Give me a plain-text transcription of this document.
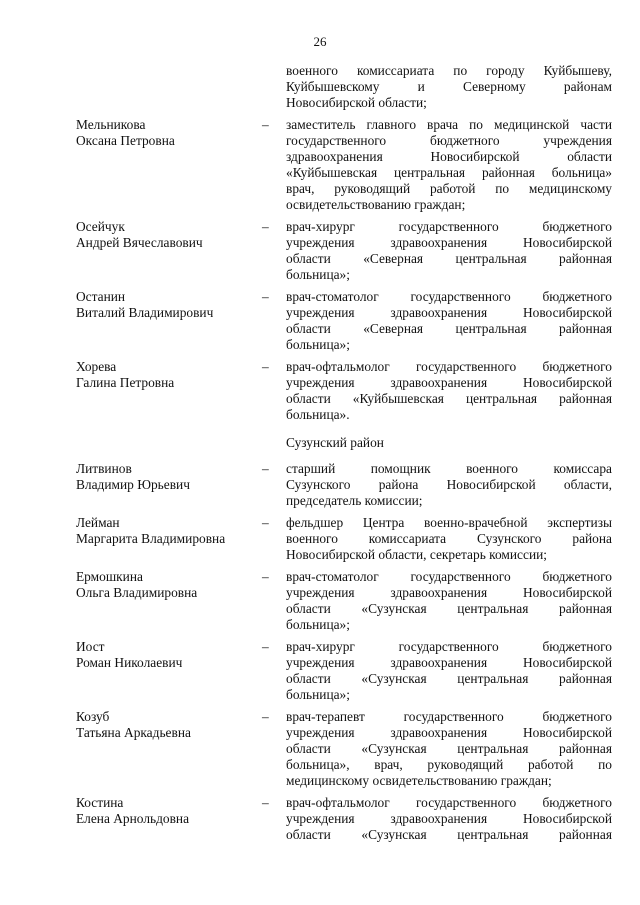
26
военного комиссариата по городу Куйбышеву,
Куйбышевскому и Северному районам
Новосибирской области;
Мельникова
Оксана Петровна
–	заместитель главного врача по медицинской части
государственного бюджетного учреждения
здравоохранения Новосибирской области
«Куйбышевская центральная районная больница»
врач, руководящий работой по медицинскому
освидетельствованию граждан;
Осейчук
Андрей Вячеславович
–	врач-хирург государственного бюджетного
учреждения здравоохранения Новосибирской
области «Северная центральная районная
больница»;
Останин
Виталий Владимирович
–	врач-стоматолог государственного бюджетного
учреждения здравоохранения Новосибирской
области «Северная центральная районная
больница»;
Хорева
Галина Петровна
–	врач-офтальмолог государственного бюджетного
учреждения здравоохранения Новосибирской
области «Куйбышевская центральная районная
больница».
Сузунский район
Литвинов
Владимир Юрьевич
–	старший помощник военного комиссара
Сузунского района Новосибирской области,
председатель комиссии;
Лейман
Маргарита Владимировна
–	фельдшер Центра военно-врачебной экспертизы
военного комиссариата Сузунского района
Новосибирской области, секретарь комиссии;
Ермошкина
Ольга Владимировна
–	врач-стоматолог государственного бюджетного
учреждения здравоохранения Новосибирской
области «Сузунская центральная районная
больница»;
Иост
Роман Николаевич
–	врач-хирург государственного бюджетного
учреждения здравоохранения Новосибирской
области «Сузунская центральная районная
больница»;
Козуб
Татьяна Аркадьевна
–	врач-терапевт государственного бюджетного
учреждения здравоохранения Новосибирской
области «Сузунская центральная районная
больница», врач, руководящий работой по
медицинскому освидетельствованию граждан;
Костина
Елена Арнольдовна
–	врач-офтальмолог государственного бюджетного
учреждения здравоохранения Новосибирской
области «Сузунская центральная районная
